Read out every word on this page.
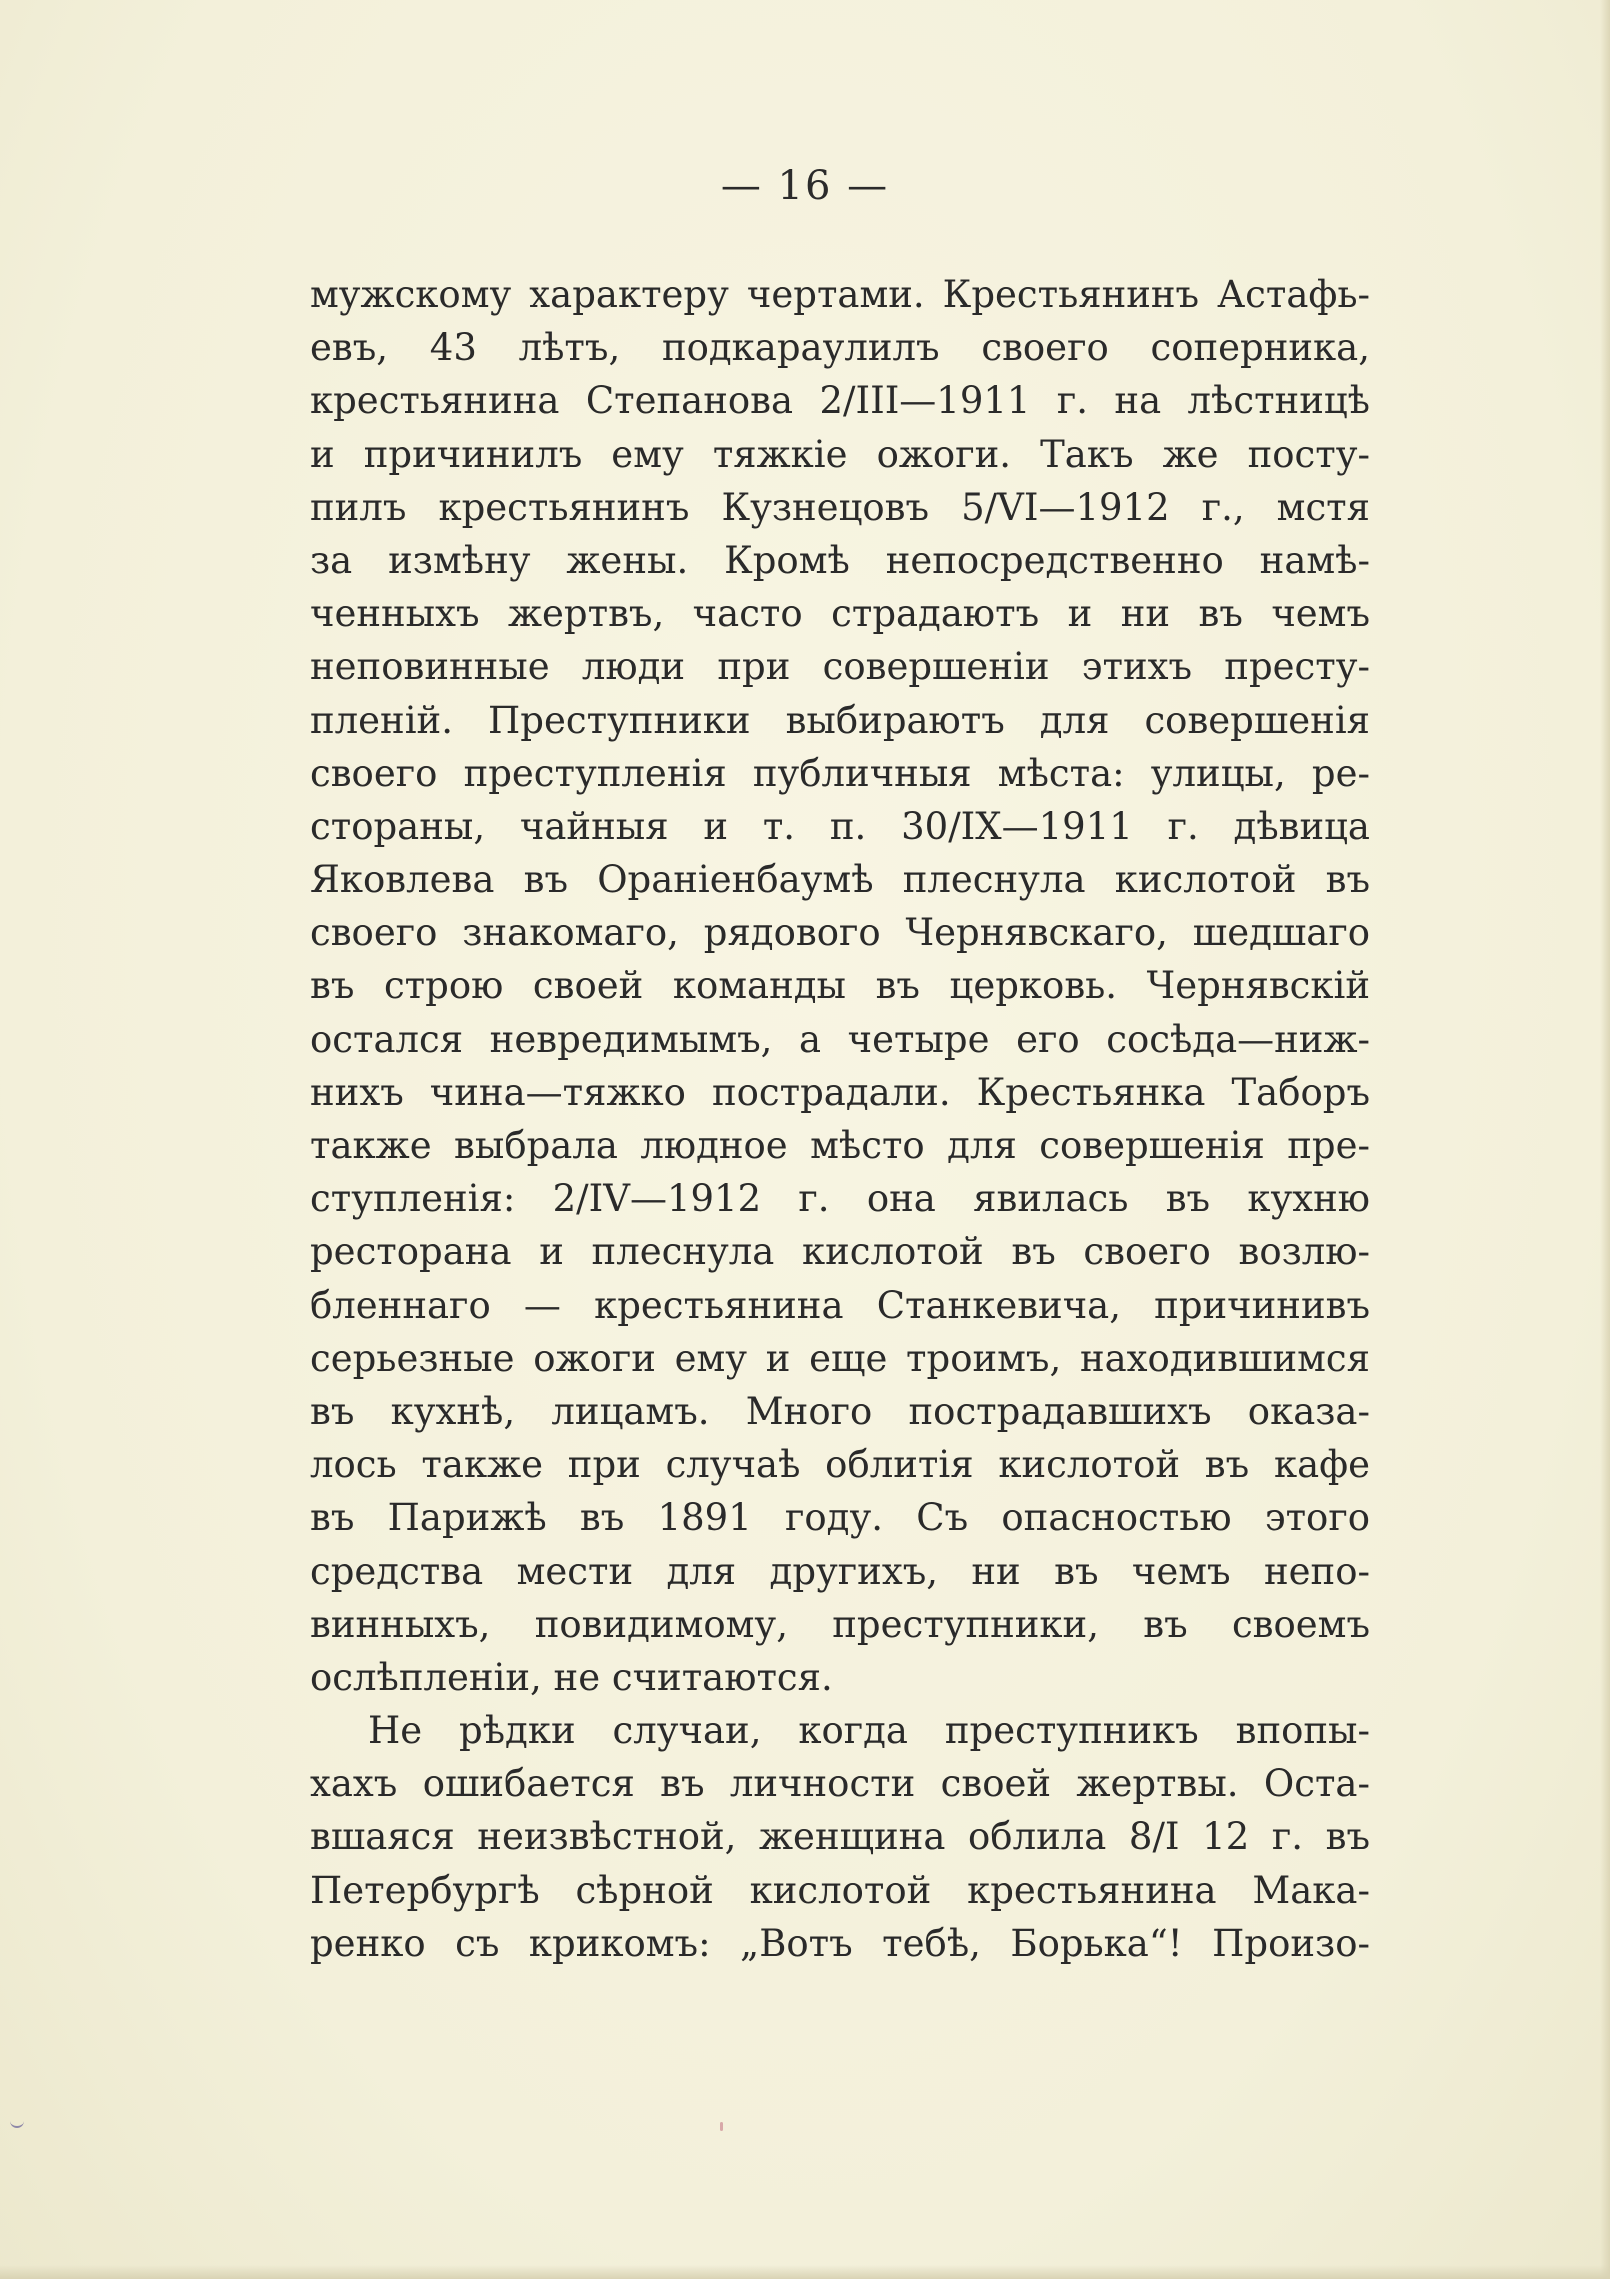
— 16 —
мужскому характеру чертами. Крестьянинъ Астафь-
евъ, 43 лѣтъ, подкараулилъ своего соперника,
крестьянина Степанова 2/III—1911 г. на лѣстницѣ
и причинилъ ему тяжкіе ожоги. Такъ же посту-
пилъ крестьянинъ Кузнецовъ 5/VI—1912 г., мстя
за измѣну жены. Кромѣ непосредственно намѣ-
ченныхъ жертвъ, часто страдаютъ и ни въ чемъ
неповинные люди при совершеніи этихъ престу-
пленій. Преступники выбираютъ для совершенія
своего преступленія публичныя мѣста: улицы, ре-
стораны, чайныя и т. п. 30/IX—1911 г. дѣвица
Яковлева въ Ораніенбаумѣ плеснула кислотой въ
своего знакомаго, рядового Чернявскаго, шедшаго
въ строю своей команды въ церковь. Чернявскій
остался невредимымъ, а четыре его сосѣда—ниж-
нихъ чина—тяжко пострадали. Крестьянка Таборъ
также выбрала людное мѣсто для совершенія пре-
ступленія: 2/IV—1912 г. она явилась въ кухню
ресторана и плеснула кислотой въ своего возлю-
бленнаго — крестьянина Станкевича, причинивъ
серьезные ожоги ему и еще троимъ, находившимся
въ кухнѣ, лицамъ. Много пострадавшихъ оказа-
лось также при случаѣ облитія кислотой въ кафе
въ Парижѣ въ 1891 году. Съ опасностью этого
средства мести для другихъ, ни въ чемъ непо-
винныхъ, повидимому, преступники, въ своемъ
ослѣпленіи, не считаются.
Не рѣдки случаи, когда преступникъ впопы-
хахъ ошибается въ личности своей жертвы. Оста-
вшаяся неизвѣстной, женщина облила 8/I 12 г. въ
Петербургѣ сѣрной кислотой крестьянина Мака-
ренко съ крикомъ: „Вотъ тебѣ, Борька“! Произо-
